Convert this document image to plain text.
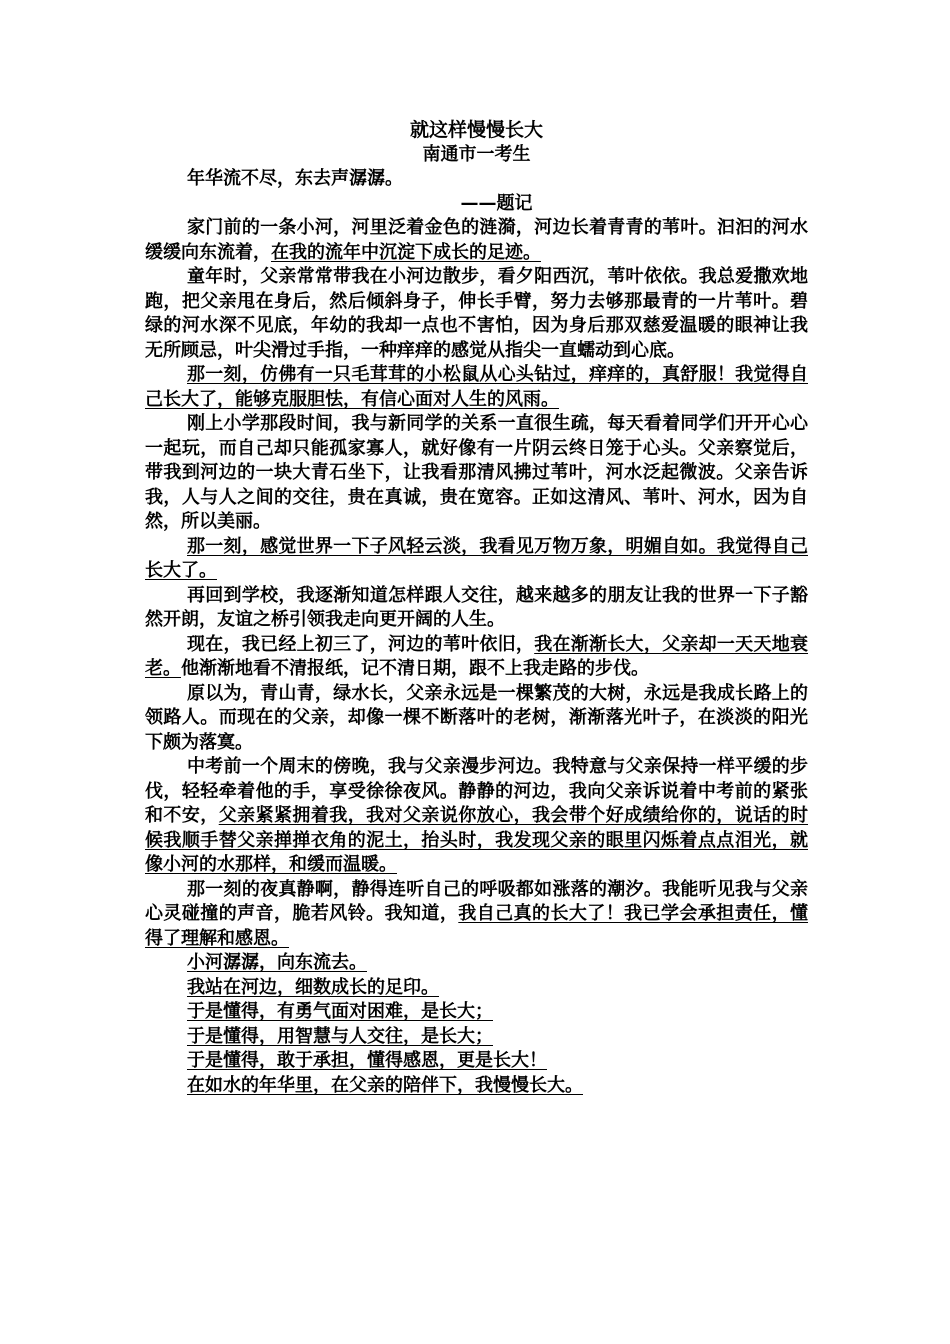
就这样慢慢长大
南通市一考生
年华流不尽，东去声潺潺。
——题记

家门前的一条小河，河里泛着金色的涟漪，河边长着青青的苇叶。汩汩的河水缓缓向东流着，在我的流年中沉淀下成长的足迹。

童年时，父亲常常带我在小河边散步，看夕阳西沉，苇叶依依。我总爱撒欢地跑，把父亲甩在身后，然后倾斜身子，伸长手臂，努力去够那最青的一片苇叶。碧绿的河水深不见底，年幼的我却一点也不害怕，因为身后那双慈爱温暖的眼神让我无所顾忌，叶尖滑过手指，一种痒痒的感觉从指尖一直蠕动到心底。

那一刻，仿佛有一只毛茸茸的小松鼠从心头钻过，痒痒的，真舒服！我觉得自己长大了，能够克服胆怯，有信心面对人生的风雨。

刚上小学那段时间，我与新同学的关系一直很生疏，每天看着同学们开开心心一起玩，而自己却只能孤家寡人，就好像有一片阴云终日笼于心头。父亲察觉后，带我到河边的一块大青石坐下，让我看那清风拂过苇叶，河水泛起微波。父亲告诉我，人与人之间的交往，贵在真诚，贵在宽容。正如这清风、苇叶、河水，因为自然，所以美丽。

那一刻，感觉世界一下子风轻云淡，我看见万物万象，明媚自如。我觉得自己长大了。

再回到学校，我逐渐知道怎样跟人交往，越来越多的朋友让我的世界一下子豁然开朗，友谊之桥引领我走向更开阔的人生。

现在，我已经上初三了，河边的苇叶依旧，我在渐渐长大，父亲却一天天地衰老。他渐渐地看不清报纸，记不清日期，跟不上我走路的步伐。

原以为，青山青，绿水长，父亲永远是一棵繁茂的大树，永远是我成长路上的领路人。而现在的父亲，却像一棵不断落叶的老树，渐渐落光叶子，在淡淡的阳光下颇为落寞。

中考前一个周末的傍晚，我与父亲漫步河边。我特意与父亲保持一样平缓的步伐，轻轻牵着他的手，享受徐徐夜风。静静的河边，我向父亲诉说着中考前的紧张和不安，父亲紧紧拥着我，我对父亲说你放心，我会带个好成绩给你的，说话的时候我顺手替父亲掸掸衣角的泥土，抬头时，我发现父亲的眼里闪烁着点点泪光，就像小河的水那样，和缓而温暖。

那一刻的夜真静啊，静得连听自己的呼吸都如涨落的潮汐。我能听见我与父亲心灵碰撞的声音，脆若风铃。我知道，我自己真的长大了！我已学会承担责任，懂得了理解和感恩。

小河潺潺，向东流去。
我站在河边，细数成长的足印。
于是懂得，有勇气面对困难，是长大；
于是懂得，用智慧与人交往，是长大；
于是懂得，敢于承担，懂得感恩，更是长大！
在如水的年华里，在父亲的陪伴下，我慢慢长大。
